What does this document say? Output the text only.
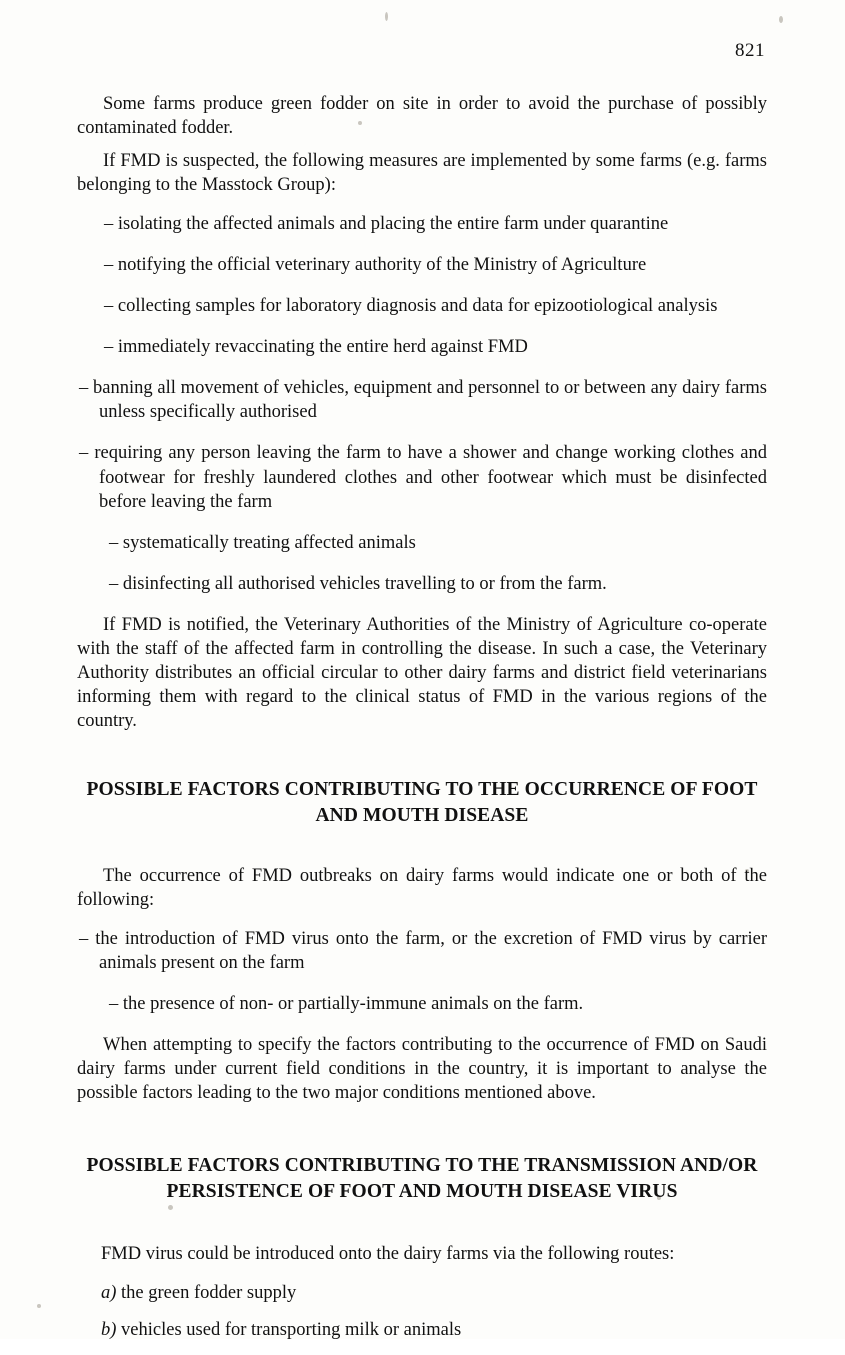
821

Some farms produce green fodder on site in order to avoid the purchase of possibly contaminated fodder.

If FMD is suspected, the following measures are implemented by some farms (e.g. farms belonging to the Masstock Group):

– isolating the affected animals and placing the entire farm under quarantine
– notifying the official veterinary authority of the Ministry of Agriculture
– collecting samples for laboratory diagnosis and data for epizootiological analysis
– immediately revaccinating the entire herd against FMD
– banning all movement of vehicles, equipment and personnel to or between any dairy farms unless specifically authorised
– requiring any person leaving the farm to have a shower and change working clothes and footwear for freshly laundered clothes and other footwear which must be disinfected before leaving the farm
– systematically treating affected animals
– disinfecting all authorised vehicles travelling to or from the farm.

If FMD is notified, the Veterinary Authorities of the Ministry of Agriculture co-operate with the staff of the affected farm in controlling the disease. In such a case, the Veterinary Authority distributes an official circular to other dairy farms and district field veterinarians informing them with regard to the clinical status of FMD in the various regions of the country.

POSSIBLE FACTORS CONTRIBUTING TO THE OCCURRENCE OF FOOT AND MOUTH DISEASE

The occurrence of FMD outbreaks on dairy farms would indicate one or both of the following:

– the introduction of FMD virus onto the farm, or the excretion of FMD virus by carrier animals present on the farm
– the presence of non- or partially-immune animals on the farm.

When attempting to specify the factors contributing to the occurrence of FMD on Saudi dairy farms under current field conditions in the country, it is important to analyse the possible factors leading to the two major conditions mentioned above.

POSSIBLE FACTORS CONTRIBUTING TO THE TRANSMISSION AND/OR PERSISTENCE OF FOOT AND MOUTH DISEASE VIRUS

FMD virus could be introduced onto the dairy farms via the following routes:

a) the green fodder supply
b) vehicles used for transporting milk or animals
